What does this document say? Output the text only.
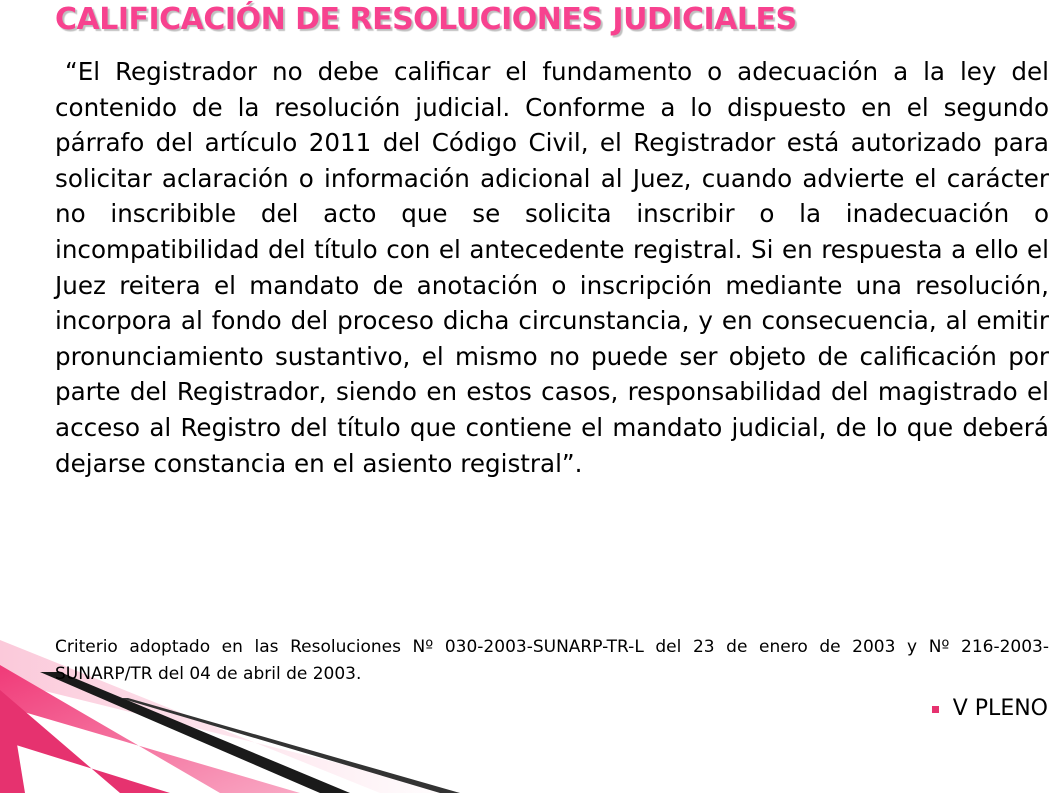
CALIFICACIÓN DE RESOLUCIONES JUDICIALES

“El Registrador no debe calificar el fundamento o adecuación a la ley del contenido de la resolución judicial. Conforme a lo dispuesto en el segundo párrafo del artículo 2011 del Código Civil, el Registrador está autorizado para solicitar aclaración o información adicional al Juez, cuando advierte el carácter no inscribible del acto que se solicita inscribir o la inadecuación o incompatibilidad del título con el antecedente registral. Si en respuesta a ello el Juez reitera el mandato de anotación o inscripción mediante una resolución, incorpora al fondo del proceso dicha circunstancia, y en consecuencia, al emitir pronunciamiento sustantivo, el mismo no puede ser objeto de calificación por parte del Registrador, siendo en estos casos, responsabilidad del magistrado el acceso al Registro del título que contiene el mandato judicial, de lo que deberá dejarse constancia en el asiento registral”.

Criterio adoptado en las Resoluciones Nº 030-2003-SUNARP-TR-L del 23 de enero de 2003 y Nº 216-2003-SUNARP/TR del 04 de abril de 2003.

V PLENO
